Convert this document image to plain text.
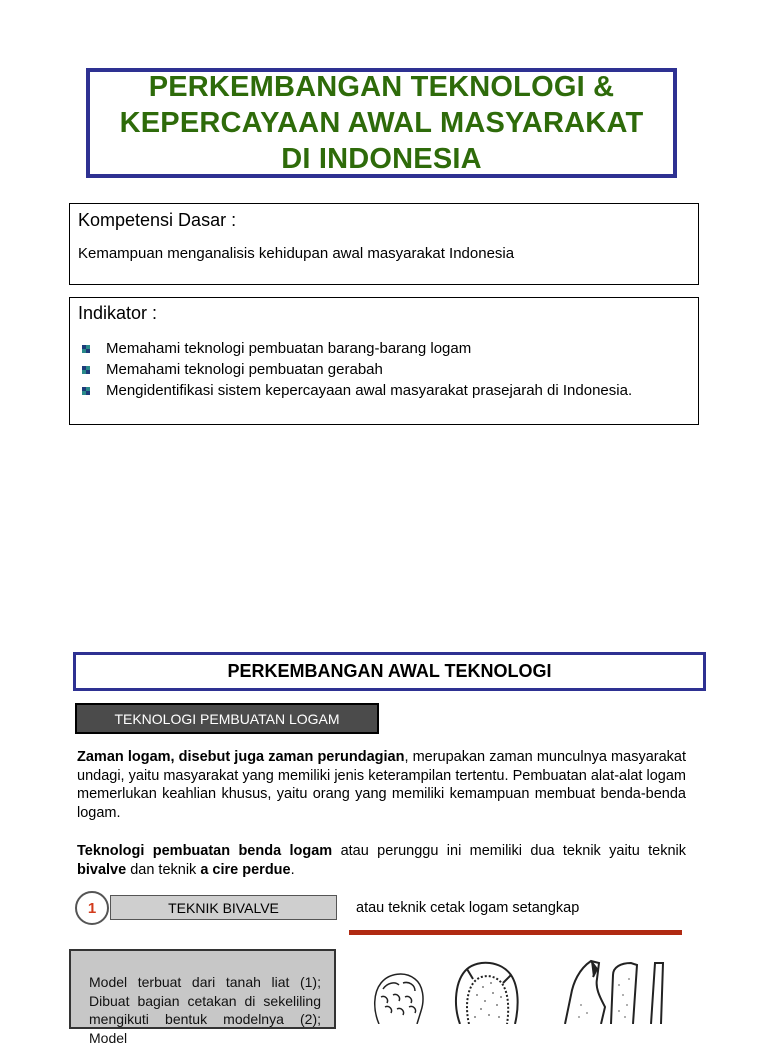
PERKEMBANGAN TEKNOLOGI &
KEPERCAYAAN AWAL MASYARAKAT
DI INDONESIA
Kompetensi Dasar :
Kemampuan menganalisis kehidupan awal masyarakat Indonesia
Indikator :
Memahami teknologi pembuatan barang-barang logam
Memahami teknologi pembuatan gerabah
Mengidentifikasi sistem kepercayaan awal masyarakat prasejarah di Indonesia.
PERKEMBANGAN AWAL TEKNOLOGI
TEKNOLOGI PEMBUATAN LOGAM
Zaman logam, disebut juga zaman perundagian, merupakan zaman munculnya masyarakat undagi, yaitu masyarakat yang memiliki jenis keterampilan tertentu. Pembuatan alat-alat logam memerlukan keahlian khusus, yaitu orang yang memiliki kemampuan membuat benda-benda logam.
Teknologi pembuatan benda logam atau perunggu ini memiliki dua teknik yaitu teknik bivalve dan teknik a cire perdue.
TEKNIK BIVALVE
1	atau teknik cetak logam setangkap
Model terbuat dari tanah liat (1); Dibuat bagian cetakan di sekeliling mengikuti bentuk modelnya (2); Model
